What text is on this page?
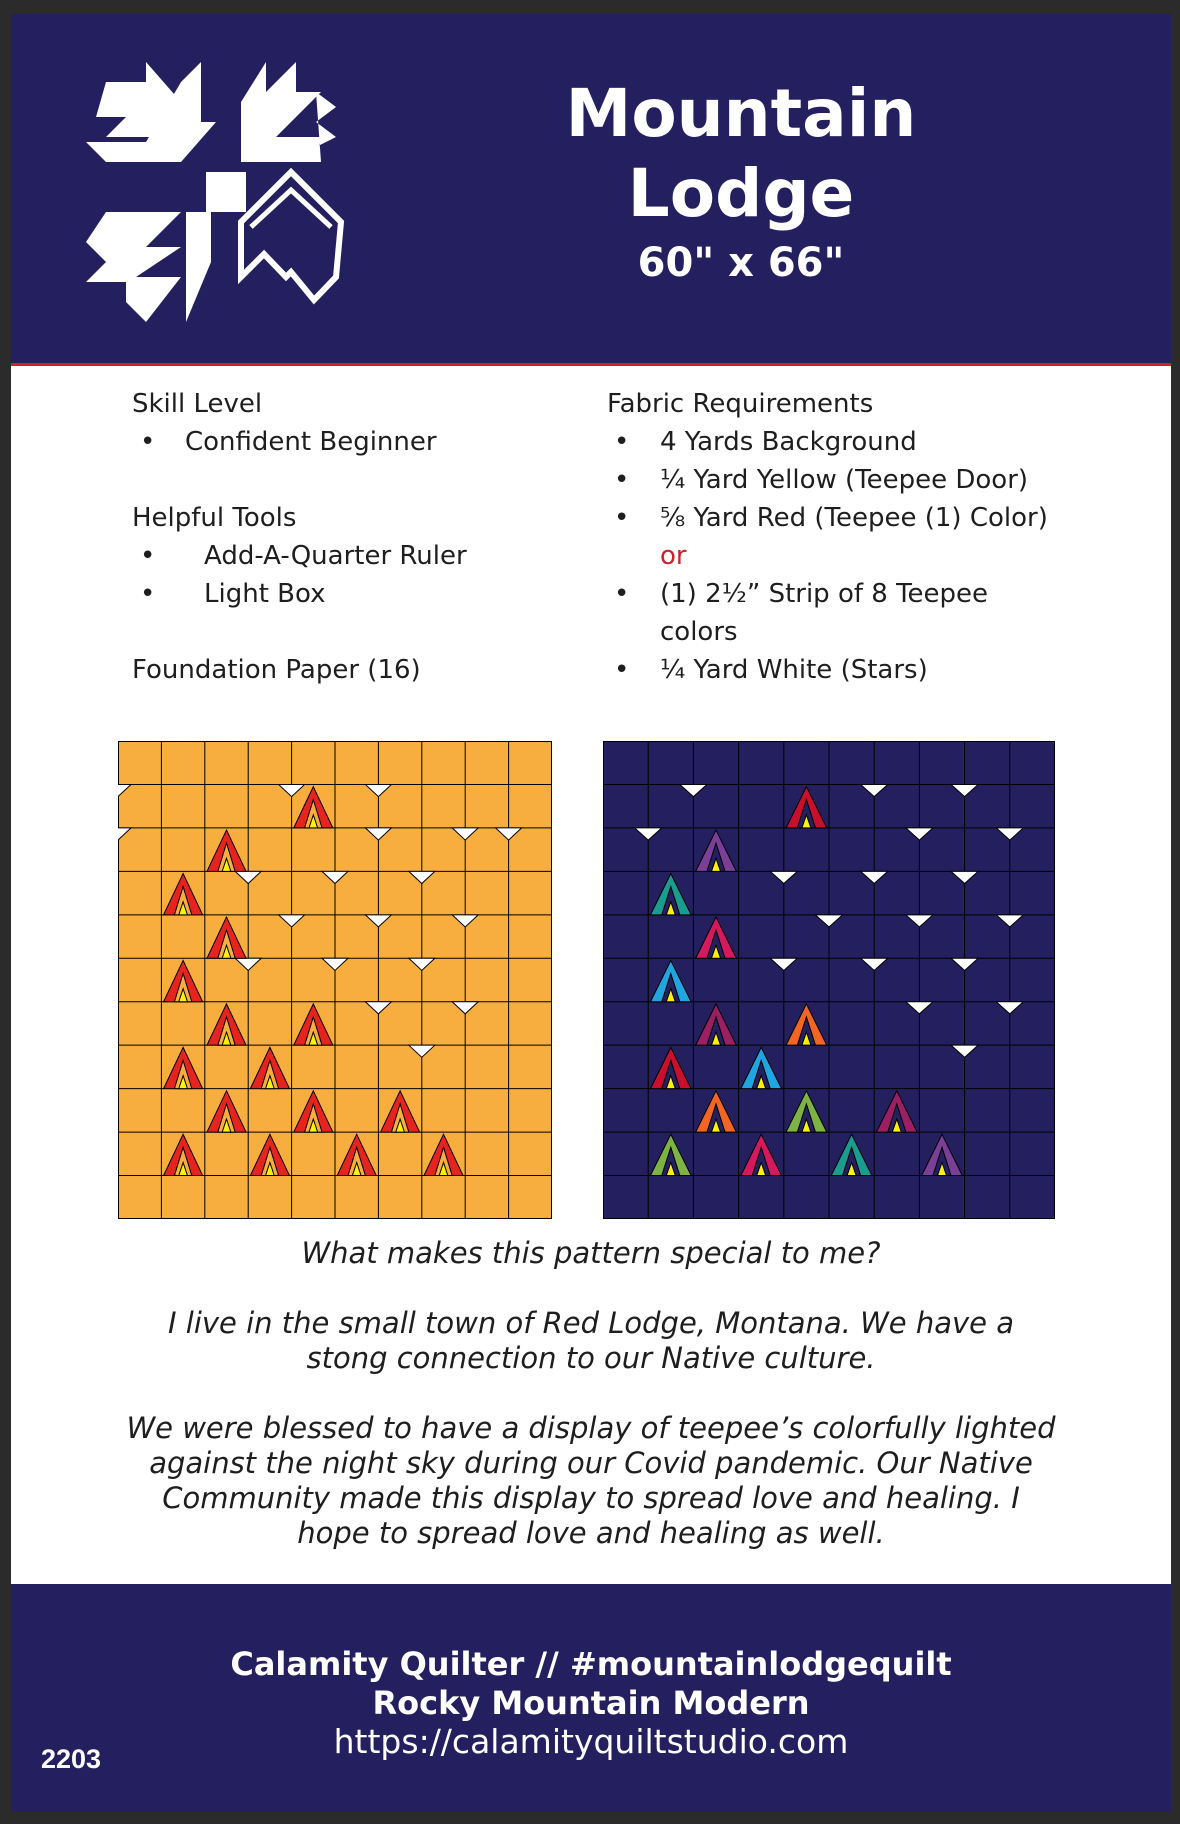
Mountain Lodge
60" x 66"
Skill Level
• Confident Beginner
Helpful Tools
• Add-A-Quarter Ruler
• Light Box
Foundation Paper (16)
Fabric Requirements
• 4 Yards Background
• ¼ Yard Yellow (Teepee Door)
• ⅝ Yard Red (Teepee (1) Color)
or
• (1) 2½” Strip of 8 Teepee
colors
• ¼ Yard White (Stars)
What makes this pattern special to me?
I live in the small town of Red Lodge, Montana. We have a
stong connection to our Native culture.
We were blessed to have a display of teepee’s colorfully lighted
against the night sky during our Covid pandemic. Our Native
Community made this display to spread love and healing. I
hope to spread love and healing as well.
Calamity Quilter // #mountainlodgequilt
Rocky Mountain Modern
https://calamityquiltstudio.com
2203
